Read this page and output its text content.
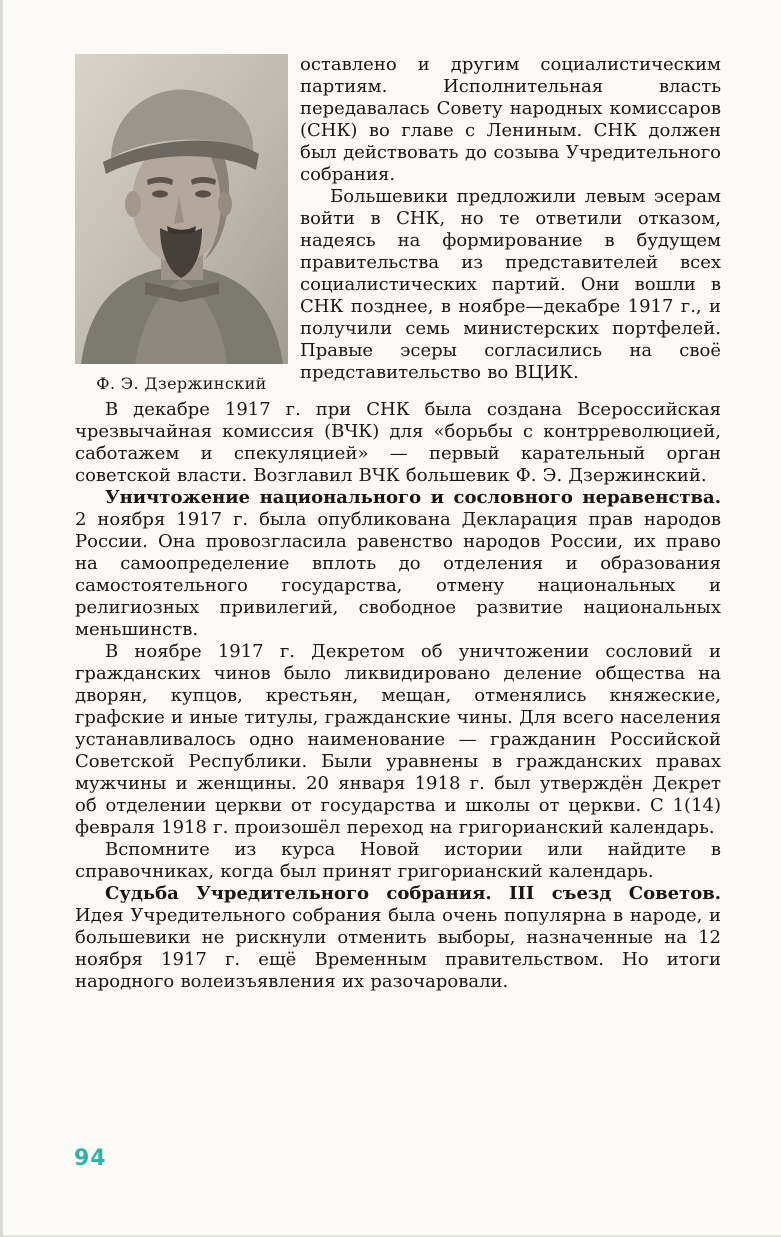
Ф. Э. Дзержинский

оставлено и другим социалистическим партиям. Исполнительная власть передавалась Совету народных комиссаров (СНК) во главе с Лениным. СНК должен был действовать до созыва Учредительного собрания.

Большевики предложили левым эсерам войти в СНК, но те ответили отказом, надеясь на формирование в будущем правительства из представителей всех социалистических партий. Они вошли в СНК позднее, в ноябре—декабре 1917 г., и получили семь министерских портфелей. Правые эсеры согласились на своё представительство во ВЦИК.

В декабре 1917 г. при СНК была создана Всероссийская чрезвычайная комиссия (ВЧК) для «борьбы с контрреволюцией, саботажем и спекуляцией» — первый карательный орган советской власти. Возглавил ВЧК большевик Ф. Э. Дзержинский.

Уничтожение национального и сословного неравенства. 2 ноября 1917 г. была опубликована Декларация прав народов России. Она провозгласила равенство народов России, их право на самоопределение вплоть до отделения и образования самостоятельного государства, отмену национальных и религиозных привилегий, свободное развитие национальных меньшинств.

В ноябре 1917 г. Декретом об уничтожении сословий и гражданских чинов было ликвидировано деление общества на дворян, купцов, крестьян, мещан, отменялись княжеские, графские и иные титулы, гражданские чины. Для всего населения устанавливалось одно наименование — гражданин Российской Советской Республики. Были уравнены в гражданских правах мужчины и женщины. 20 января 1918 г. был утверждён Декрет об отделении церкви от государства и школы от церкви. С 1(14) февраля 1918 г. произошёл переход на григорианский календарь.

Вспомните из курса Новой истории или найдите в справочниках, когда был принят григорианский календарь.

Судьба Учредительного собрания. III съезд Советов. Идея Учредительного собрания была очень популярна в народе, и большевики не рискнули отменить выборы, назначенные на 12 ноября 1917 г. ещё Временным правительством. Но итоги народного волеизъявления их разочаровали.

94
